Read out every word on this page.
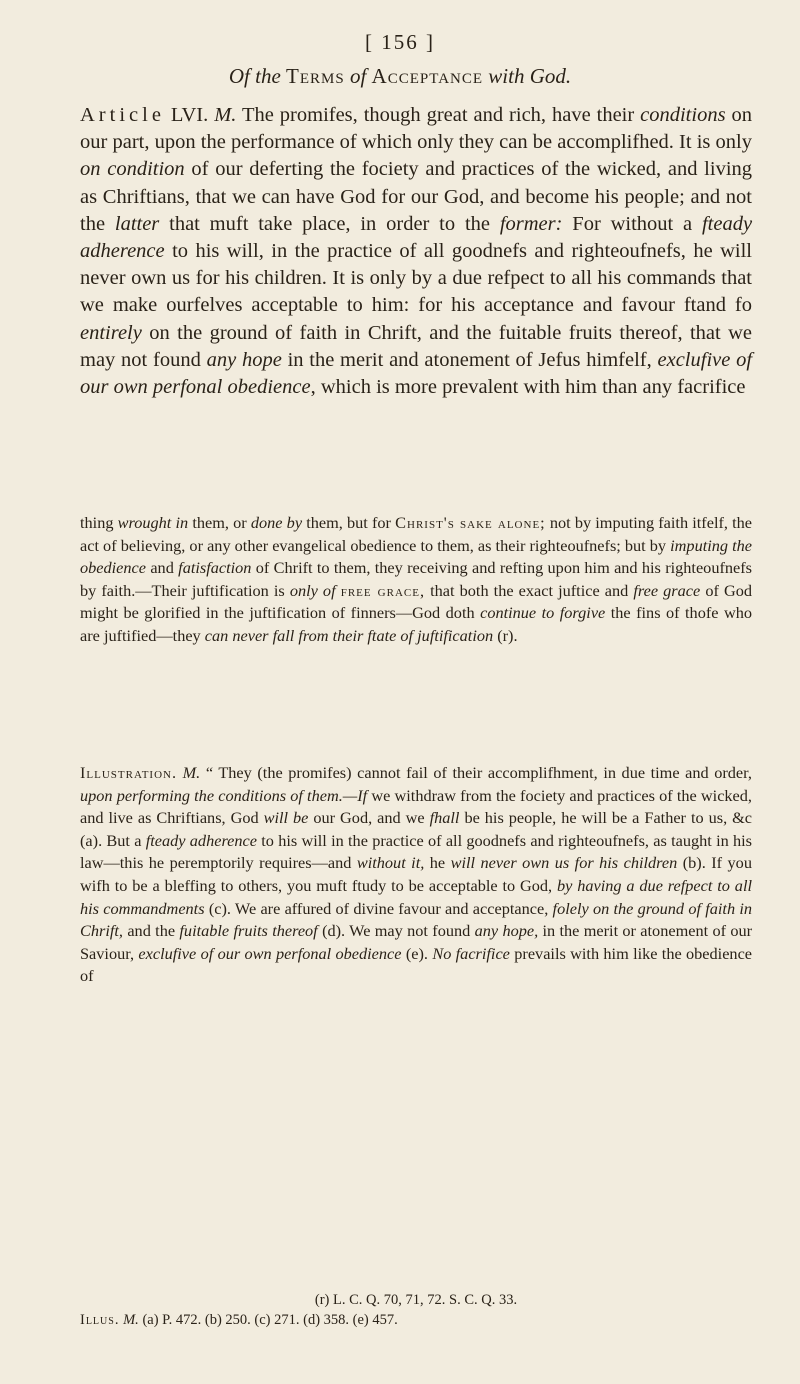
[ 156 ]
Of the Terms of Acceptance with God.

Article LVI. M. The promifes, though great and rich, have their conditions on our part, upon the performance of which only they can be accomplifhed. It is only on condition of our deferting the fociety and practices of the wicked, and living as Chriftians, that we can have God for our God, and become his people; and not the latter that muft take place, in order to the former: For without a fteady adherence to his will, in the practice of all goodnefs and righteoufnefs, he will never own us for his children. It is only by a due refpect to all his commands that we make ourfelves acceptable to him: for his acceptance and favour ftand fo entirely on the ground of faith in Chrift, and the fuitable fruits thereof, that we may not found any hope in the merit and atonement of Jefus himfelf, exclufive of our own perfonal obedience, which is more prevalent with him than any facrifice

thing wrought in them, or done by them, but for Christ's sake alone; not by imputing faith itfelf, the act of believing, or any other evangelical obedience to them, as their righteoufnefs; but by imputing the obedience and fatisfaction of Chrift to them, they receiving and refting upon him and his righteoufnefs by faith.—Their juftification is only of free grace, that both the exact juftice and free grace of God might be glorified in the juftification of finners—God doth continue to forgive the fins of thofe who are juftified—they can never fall from their ftate of juftification (r).

Illustration. M. “ They (the promifes) cannot fail of their accomplifhment, in due time and order, upon performing the conditions of them.—If we withdraw from the fociety and practices of the wicked, and live as Chriftians, God will be our God, and we fhall be his people, he will be a Father to us, &c (a). But a fteady adherence to his will in the practice of all goodnefs and righteoufnefs, as taught in his law—this he peremptorily requires—and without it, he will never own us for his children (b). If you wifh to be a bleffing to others, you muft ftudy to be acceptable to God, by having a due refpect to all his commandments (c). We are affured of divine favour and acceptance, folely on the ground of faith in Chrift, and the fuitable fruits thereof (d). We may not found any hope, in the merit or atonement of our Saviour, exclufive of our own perfonal obedience (e). No facrifice prevails with him like the obedience of

(r) L. C. Q. 70, 71, 72. S. C. Q. 33.
Illus. M. (a) P. 472. (b) 250. (c) 271. (d) 358. (e) 457.
